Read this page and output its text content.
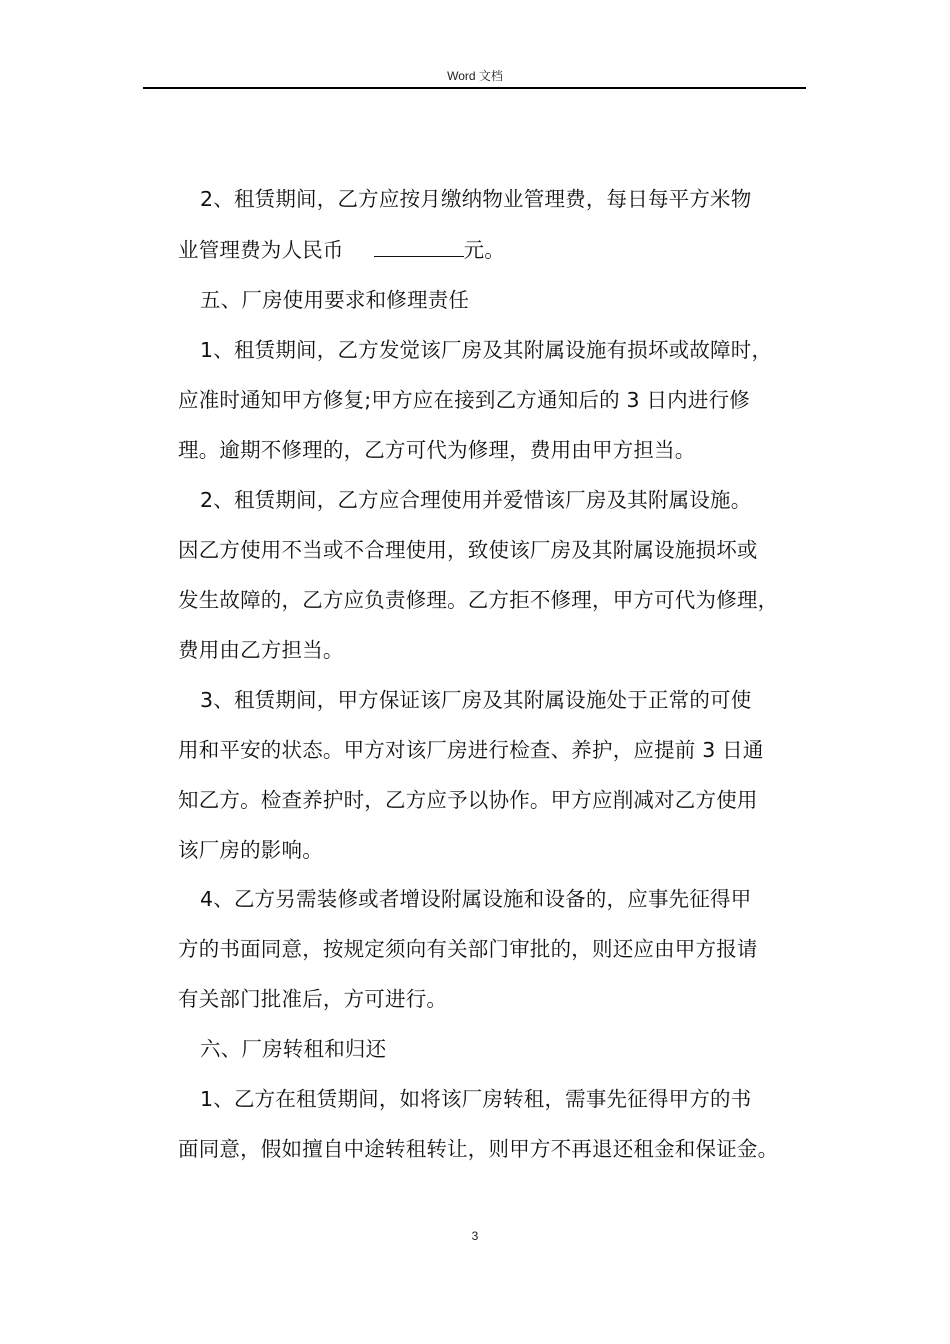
Word 文档
2、租赁期间，乙方应按月缴纳物业管理费，每日每平方米物
业管理费为人民币	元。
五、厂房使用要求和修理责任
1、租赁期间，乙方发觉该厂房及其附属设施有损坏或故障时，
应准时通知甲方修复;甲方应在接到乙方通知后的 3 日内进行修
理。逾期不修理的，乙方可代为修理，费用由甲方担当。
2、租赁期间，乙方应合理使用并爱惜该厂房及其附属设施。
因乙方使用不当或不合理使用，致使该厂房及其附属设施损坏或
发生故障的，乙方应负责修理。乙方拒不修理，甲方可代为修理，
费用由乙方担当。
3、租赁期间，甲方保证该厂房及其附属设施处于正常的可使
用和平安的状态。甲方对该厂房进行检查、养护，应提前 3 日通
知乙方。检查养护时，乙方应予以协作。甲方应削减对乙方使用
该厂房的影响。
4、乙方另需装修或者增设附属设施和设备的，应事先征得甲
方的书面同意，按规定须向有关部门审批的，则还应由甲方报请
有关部门批准后，方可进行。
六、厂房转租和归还
1、乙方在租赁期间，如将该厂房转租，需事先征得甲方的书
面同意，假如擅自中途转租转让，则甲方不再退还租金和保证金。
3
